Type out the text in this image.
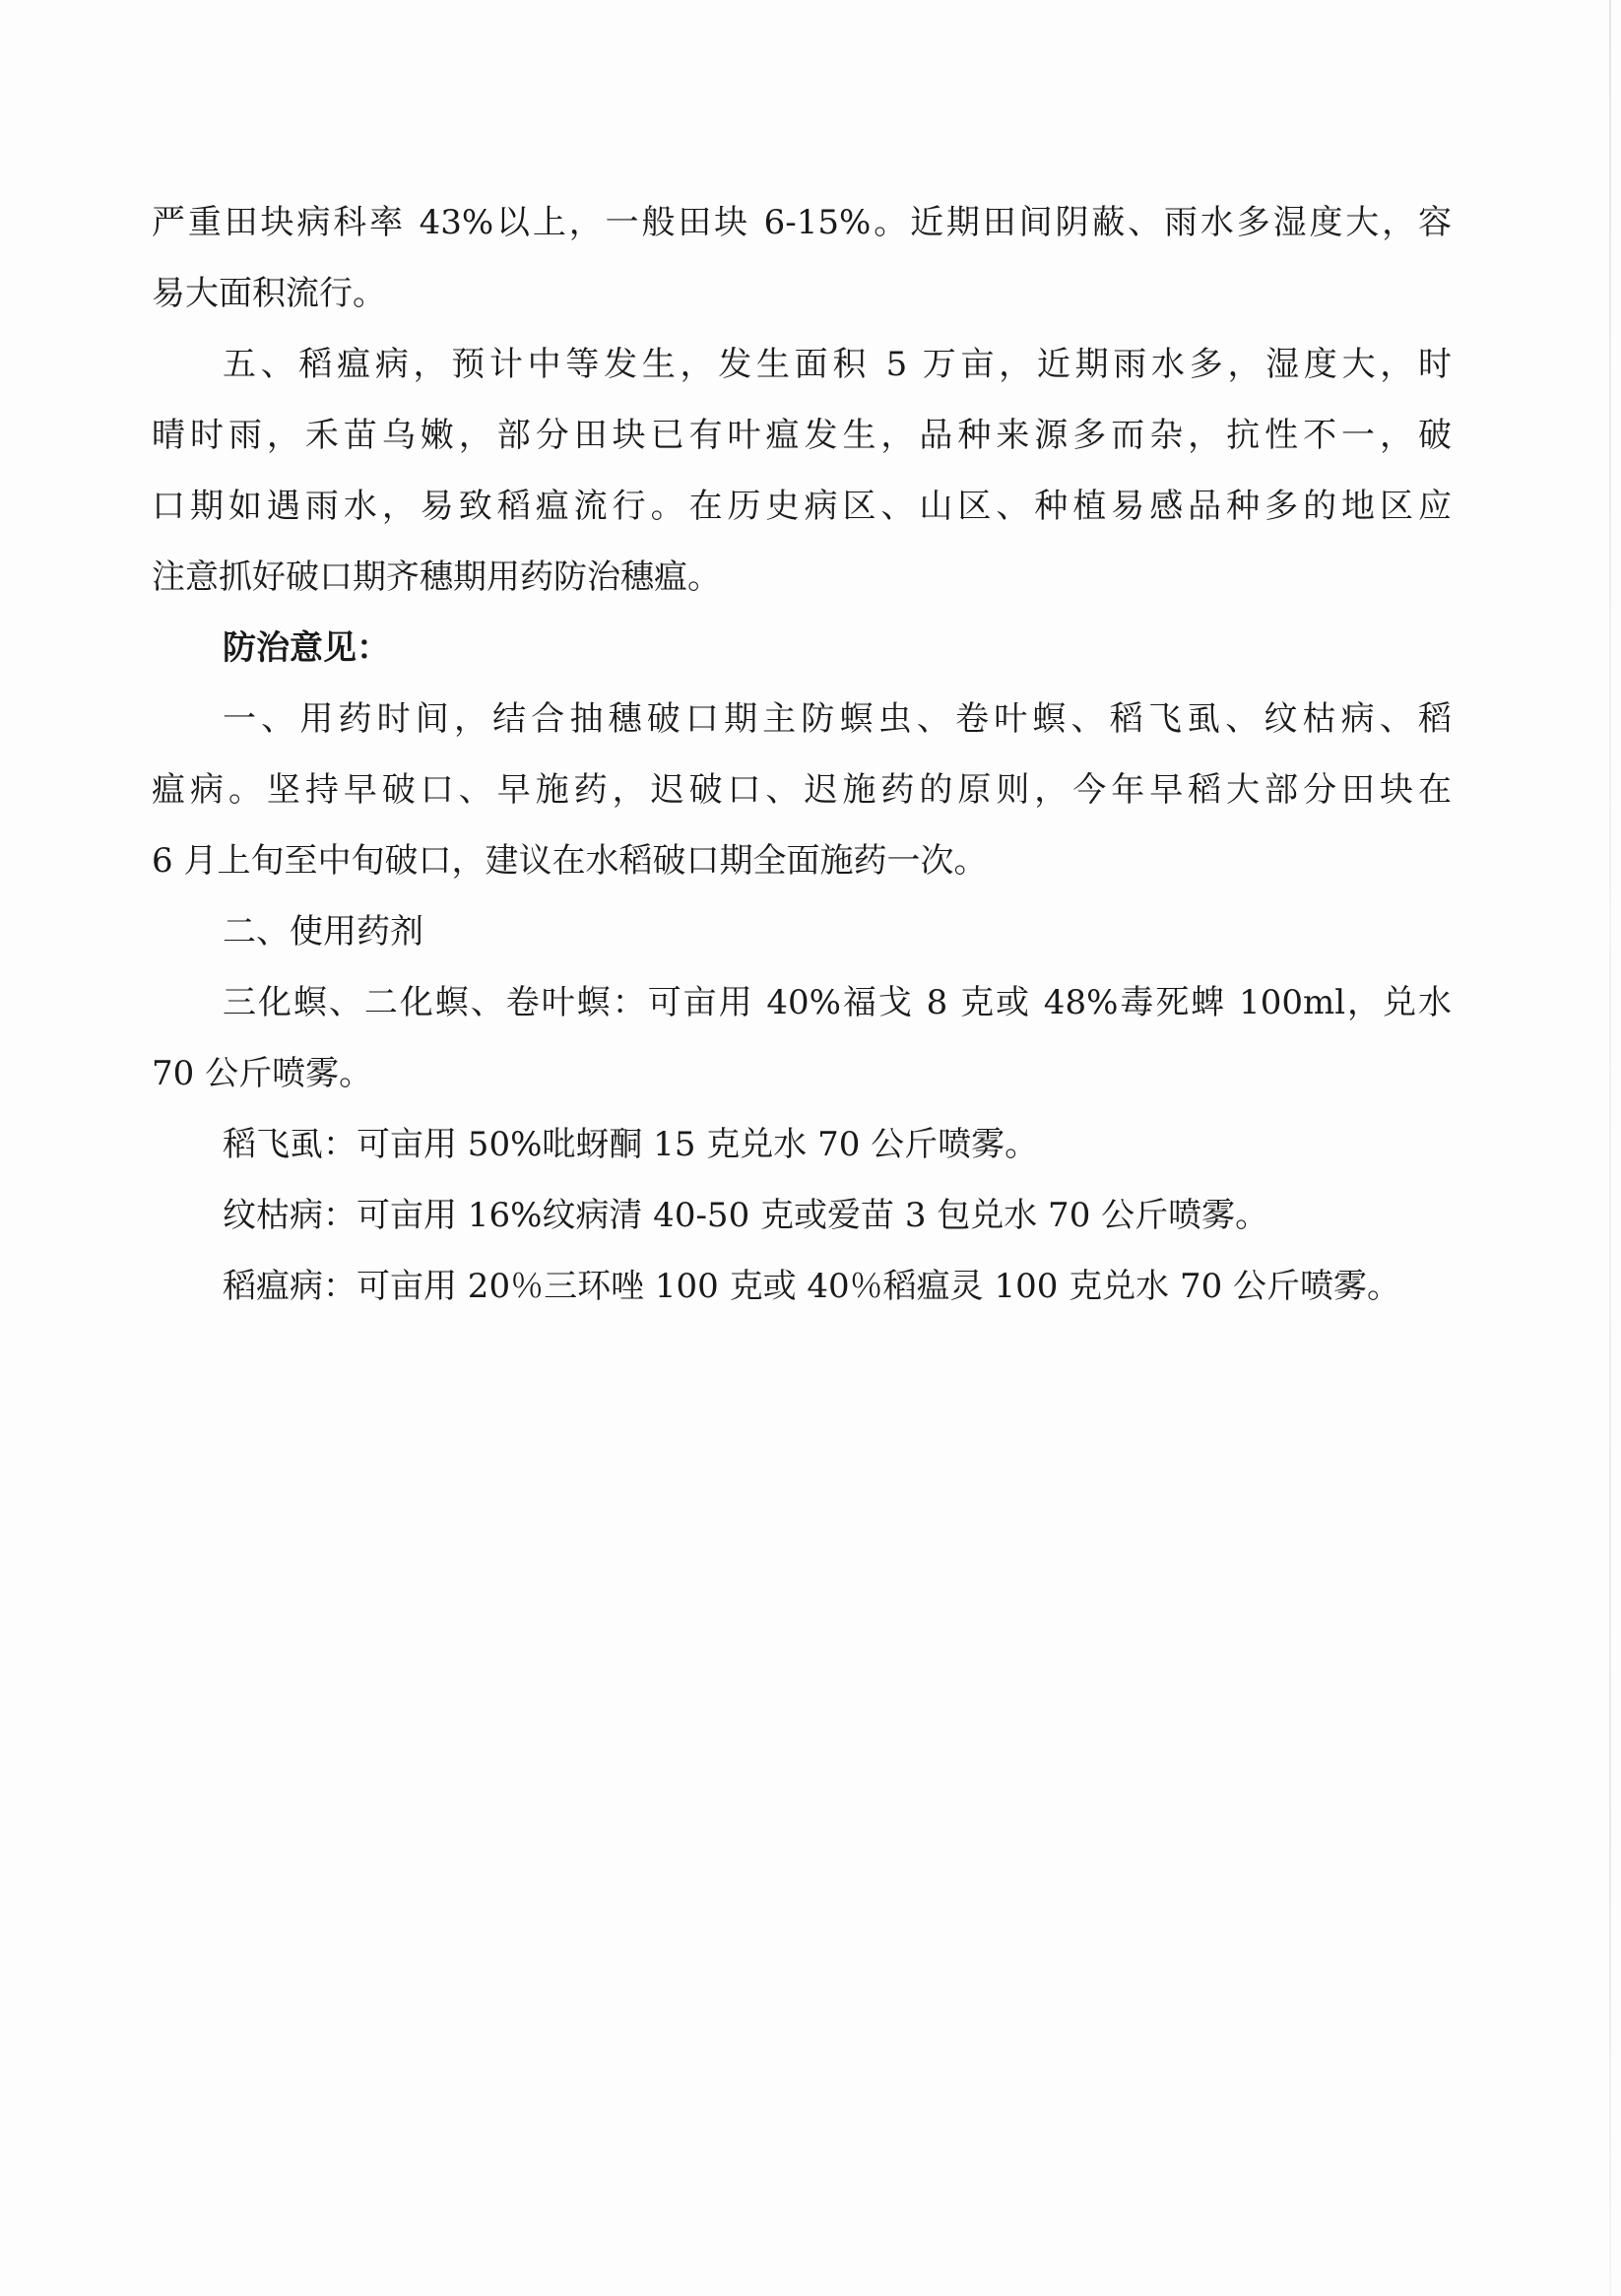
严重田块病科率 43%以上，一般田块 6-15%。近期田间阴蔽、雨水多湿度大，容
易大面积流行。
五、稻瘟病，预计中等发生，发生面积 5 万亩，近期雨水多，湿度大，时
晴时雨，禾苗乌嫩，部分田块已有叶瘟发生，品种来源多而杂，抗性不一，破
口期如遇雨水，易致稻瘟流行。在历史病区、山区、种植易感品种多的地区应
注意抓好破口期齐穗期用药防治穗瘟。
防治意见：
一、用药时间，结合抽穗破口期主防螟虫、卷叶螟、稻飞虱、纹枯病、稻
瘟病。坚持早破口、早施药，迟破口、迟施药的原则，今年早稻大部分田块在
6 月上旬至中旬破口，建议在水稻破口期全面施药一次。
二、使用药剂
三化螟、二化螟、卷叶螟：可亩用 40%福戈 8 克或 48%毒死蜱 100ml，兑水
70 公斤喷雾。
稻飞虱：可亩用 50%吡蚜酮 15 克兑水 70 公斤喷雾。
纹枯病：可亩用 16%纹病清 40-50 克或爱苗 3 包兑水 70 公斤喷雾。
稻瘟病：可亩用 20％三环唑 100 克或 40％稻瘟灵 100 克兑水 70 公斤喷雾。
